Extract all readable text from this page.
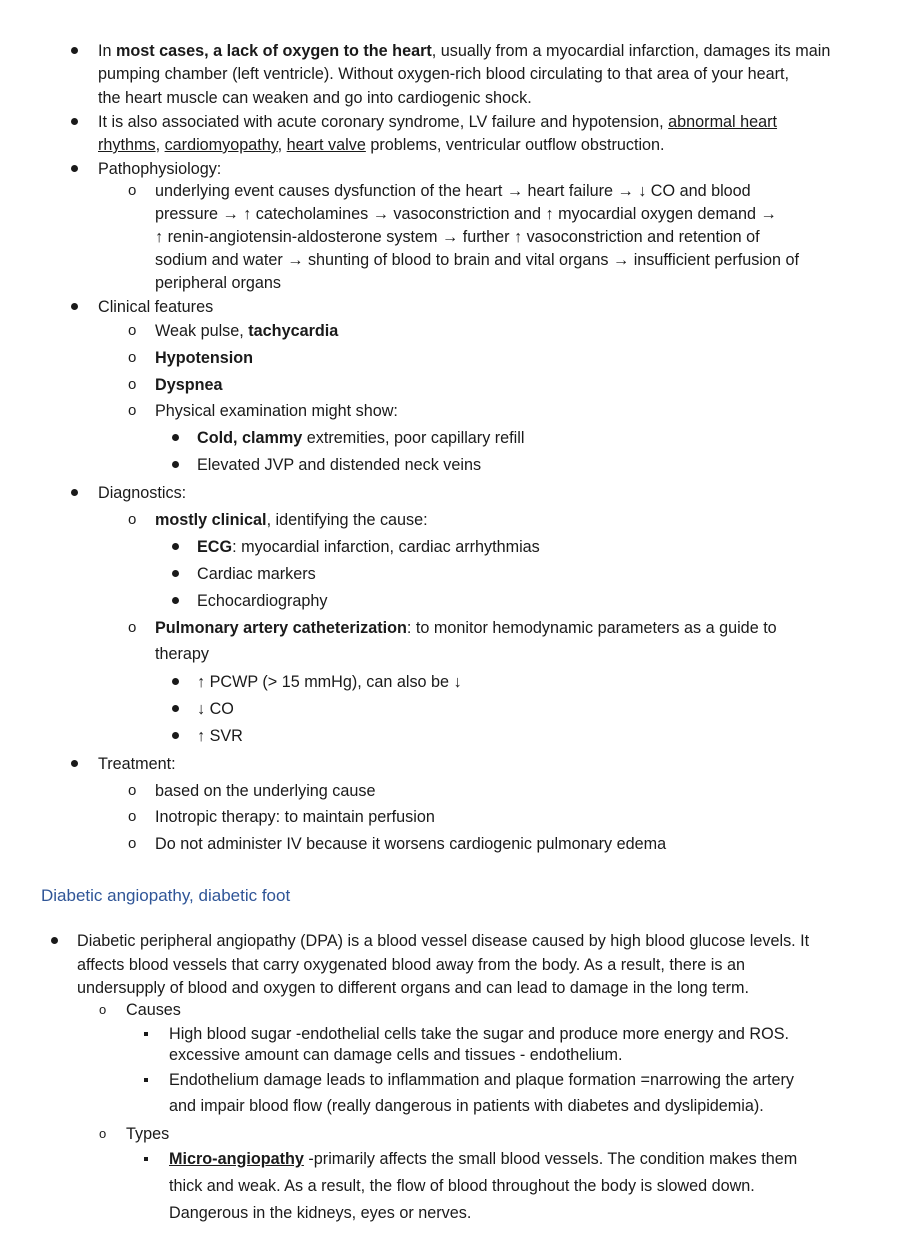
In most cases, a lack of oxygen to the heart, usually from a myocardial infarction, damages its main
pumping chamber (left ventricle). Without oxygen-rich blood circulating to that area of your heart,
the heart muscle can weaken and go into cardiogenic shock.
It is also associated with acute coronary syndrome, LV failure and hypotension, abnormal heart
rhythms, cardiomyopathy, heart valve problems, ventricular outflow obstruction.
Pathophysiology:
o underlying event causes dysfunction of the heart → heart failure → ↓ CO and blood
pressure → ↑ catecholamines → vasoconstriction and ↑ myocardial oxygen demand →
↑ renin-angiotensin-aldosterone system → further ↑ vasoconstriction and retention of
sodium and water → shunting of blood to brain and vital organs → insufficient perfusion of
peripheral organs
Clinical features
o Weak pulse, tachycardia
o Hypotension
o Dyspnea
o Physical examination might show:
Cold, clammy extremities, poor capillary refill
Elevated JVP and distended neck veins
Diagnostics:
o mostly clinical, identifying the cause:
ECG: myocardial infarction, cardiac arrhythmias
Cardiac markers
Echocardiography
o Pulmonary artery catheterization: to monitor hemodynamic parameters as a guide to
therapy
↑ PCWP (> 15 mmHg), can also be ↓
↓ CO
↑ SVR
Treatment:
o based on the underlying cause
o Inotropic therapy: to maintain perfusion
o Do not administer IV because it worsens cardiogenic pulmonary edema
Diabetic angiopathy, diabetic foot
Diabetic peripheral angiopathy (DPA) is a blood vessel disease caused by high blood glucose levels. It
affects blood vessels that carry oxygenated blood away from the body. As a result, there is an
undersupply of blood and oxygen to different organs and can lead to damage in the long term.
o Causes
High blood sugar -endothelial cells take the sugar and produce more energy and ROS.
excessive amount can damage cells and tissues - endothelium.
Endothelium damage leads to inflammation and plaque formation =narrowing the artery
and impair blood flow (really dangerous in patients with diabetes and dyslipidemia).
o Types
Micro-angiopathy -primarily affects the small blood vessels. The condition makes them
thick and weak. As a result, the flow of blood throughout the body is slowed down.
Dangerous in the kidneys, eyes or nerves.
